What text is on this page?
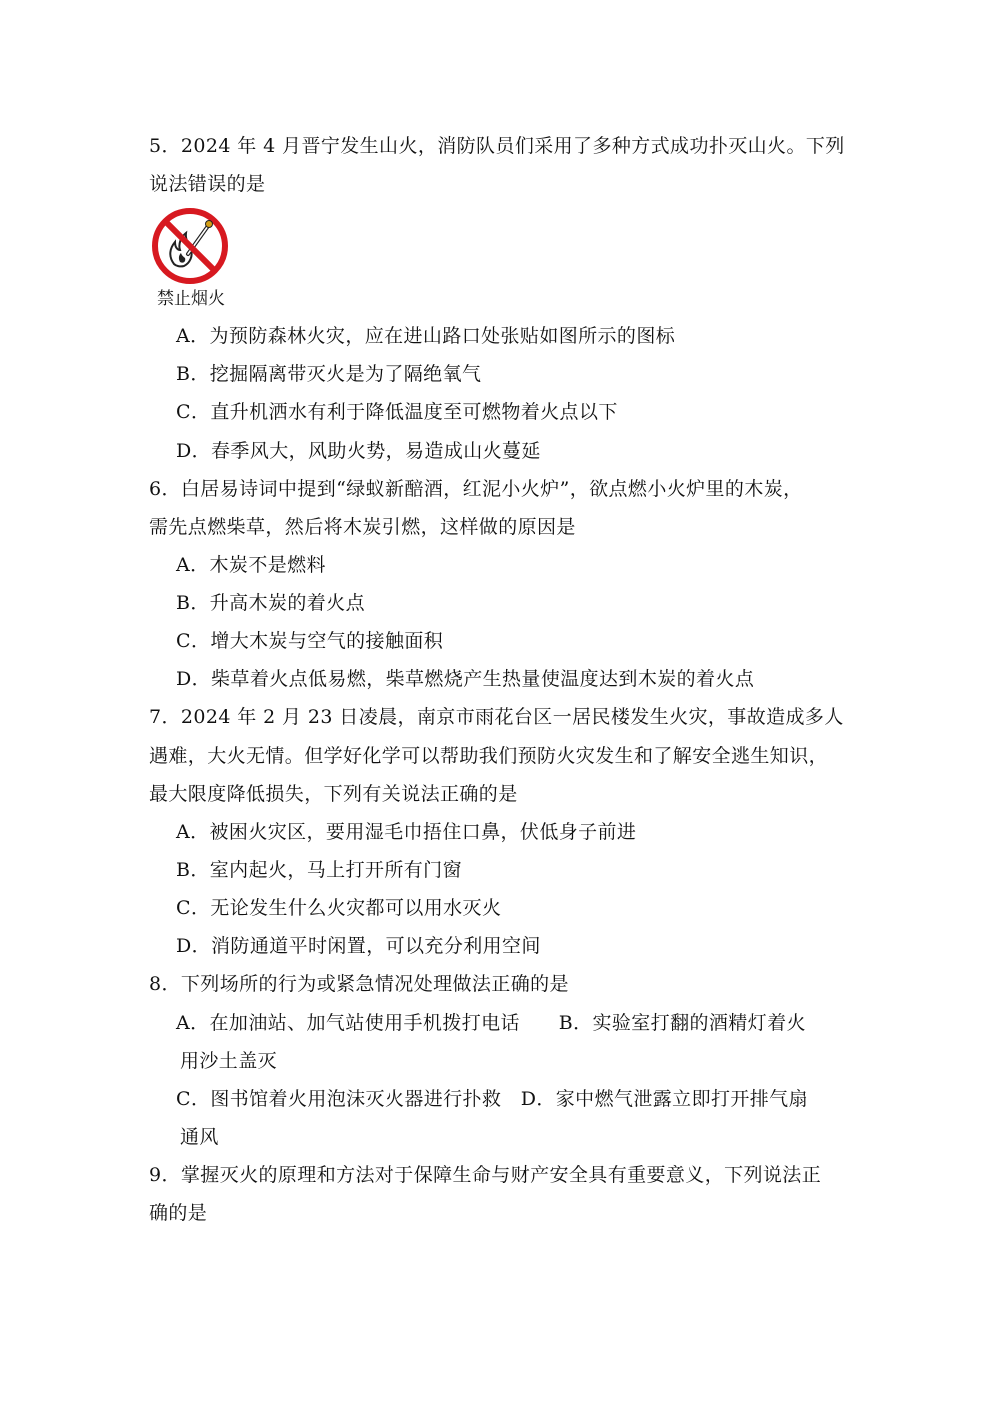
5．2024 年 4 月晋宁发生山火，消防队员们采用了多种方式成功扑灭山火。下列
说法错误的是
禁止烟火
A．为预防森林火灾，应在进山路口处张贴如图所示的图标
B．挖掘隔离带灭火是为了隔绝氧气
C．直升机洒水有利于降低温度至可燃物着火点以下
D．春季风大，风助火势，易造成山火蔓延
6．白居易诗词中提到“绿蚁新醅酒，红泥小火炉”，欲点燃小火炉里的木炭，
需先点燃柴草，然后将木炭引燃，这样做的原因是
A．木炭不是燃料
B．升高木炭的着火点
C．增大木炭与空气的接触面积
D．柴草着火点低易燃，柴草燃烧产生热量使温度达到木炭的着火点
7．2024 年 2 月 23 日凌晨，南京市雨花台区一居民楼发生火灾，事故造成多人
遇难，大火无情。但学好化学可以帮助我们预防火灾发生和了解安全逃生知识，
最大限度降低损失，下列有关说法正确的是
A．被困火灾区，要用湿毛巾捂住口鼻，伏低身子前进
B．室内起火，马上打开所有门窗
C．无论发生什么火灾都可以用水灭火
D．消防通道平时闲置，可以充分利用空间
8．下列场所的行为或紧急情况处理做法正确的是
A．在加油站、加气站使用手机拨打电话　　B．实验室打翻的酒精灯着火
用沙土盖灭
C．图书馆着火用泡沫灭火器进行扑救　D．家中燃气泄露立即打开排气扇
通风
9．掌握灭火的原理和方法对于保障生命与财产安全具有重要意义，下列说法正
确的是
